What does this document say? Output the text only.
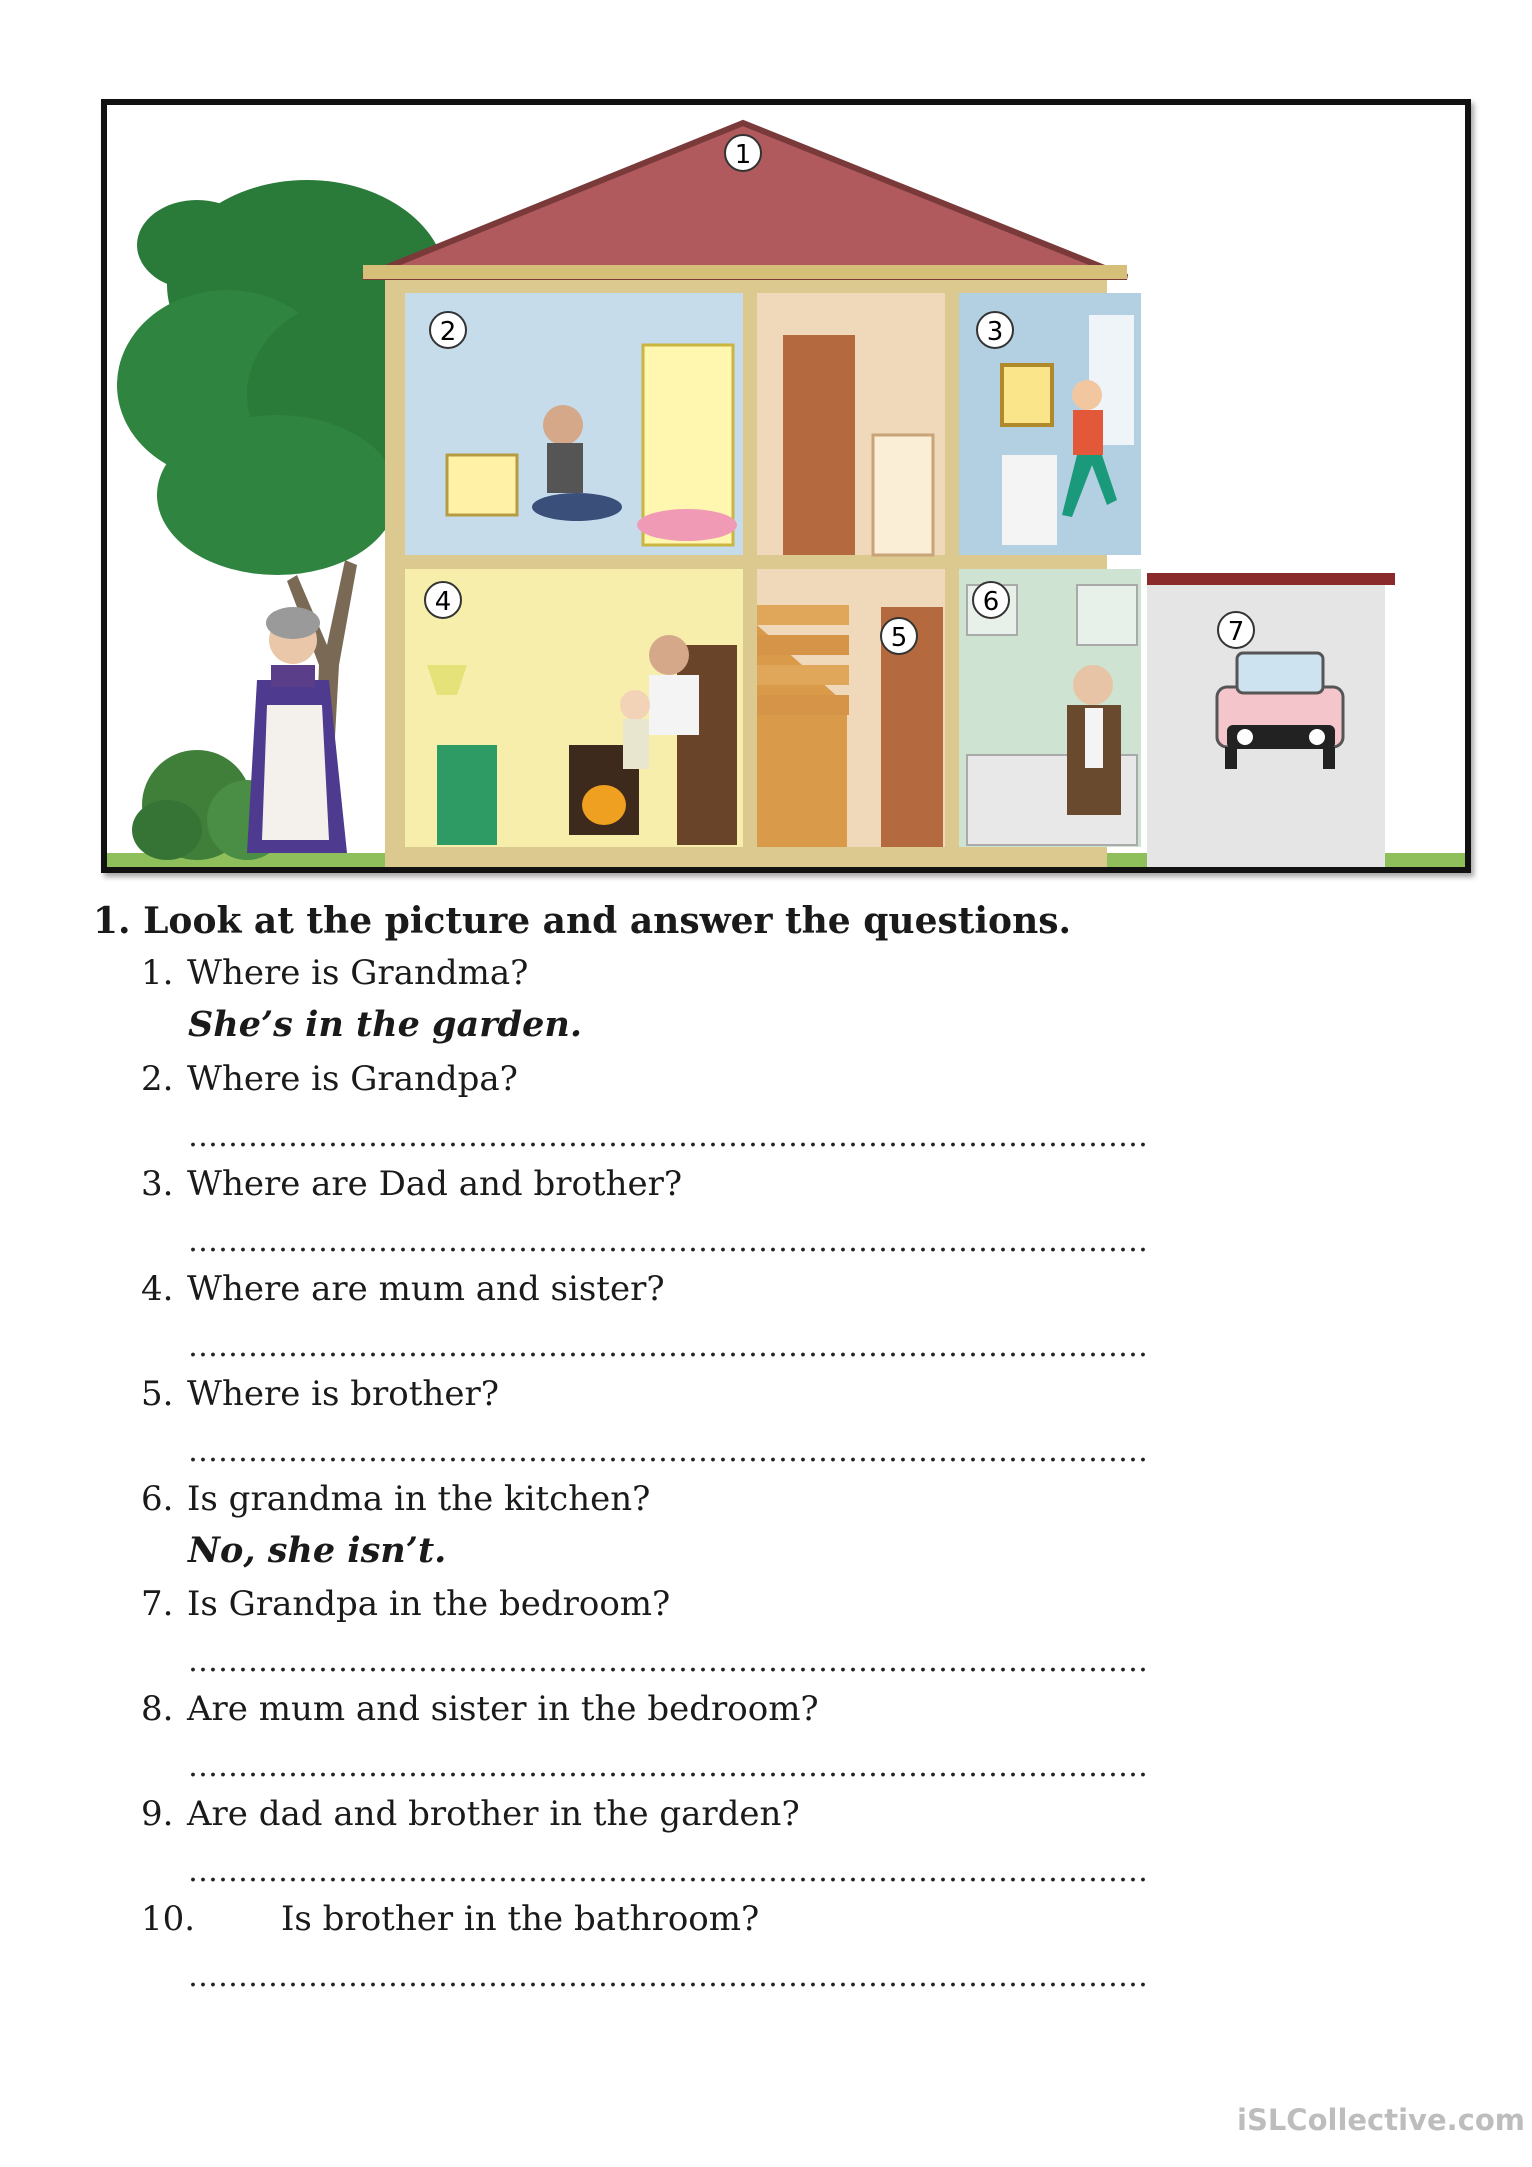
1
2	3
4
5
6
7
1. Look at the picture and answer the questions.
1. Where is Grandma?
She’s in the garden.
2. Where is Grandpa?
……………………………………………………………………………………
3. Where are Dad and brother?
……………………………………………………………………………………
4. Where are mum and sister?
……………………………………………………………………………………
5. Where is brother?
……………………………………………………………………………………
6. Is grandma in the kitchen?
No, she isn’t.
7. Is Grandpa in the bedroom?
……………………………………………………………………………………
8. Are mum and sister in the bedroom?
……………………………………………………………………………………
9. Are dad and brother in the garden?
……………………………………………………………………………………
10.	Is brother in the bathroom?
……………………………………………………………………………………
iSLCollective.com
